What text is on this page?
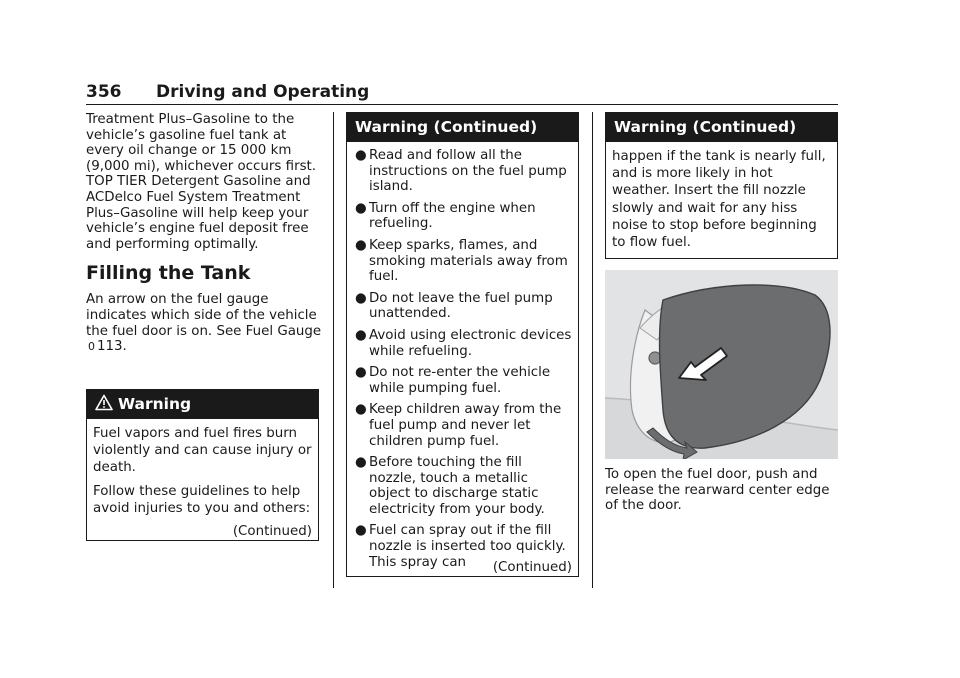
356 Driving and Operating

Treatment Plus–Gasoline to the vehicle’s gasoline fuel tank at every oil change or 15 000 km (9,000 mi), whichever occurs first. TOP TIER Detergent Gasoline and ACDelco Fuel System Treatment Plus–Gasoline will help keep your vehicle’s engine fuel deposit free and performing optimally.

Filling the Tank

An arrow on the fuel gauge indicates which side of the vehicle the fuel door is on. See Fuel Gauge 0 113.

Warning

Fuel vapors and fuel fires burn violently and can cause injury or death.

Follow these guidelines to help avoid injuries to you and others:

(Continued)
Warning (Continued)
● Read and follow all the instructions on the fuel pump island.
● Turn off the engine when refueling.
● Keep sparks, flames, and smoking materials away from fuel.
● Do not leave the fuel pump unattended.
● Avoid using electronic devices while refueling.
● Do not re-enter the vehicle while pumping fuel.
● Keep children away from the fuel pump and never let children pump fuel.
● Before touching the fill nozzle, touch a metallic object to discharge static electricity from your body.
● Fuel can spray out if the fill nozzle is inserted too quickly. This spray can	(Continued)
Warning (Continued)

happen if the tank is nearly full, and is more likely in hot weather. Insert the fill nozzle slowly and wait for any hiss noise to stop before beginning to flow fuel.

To open the fuel door, push and release the rearward center edge of the door.
